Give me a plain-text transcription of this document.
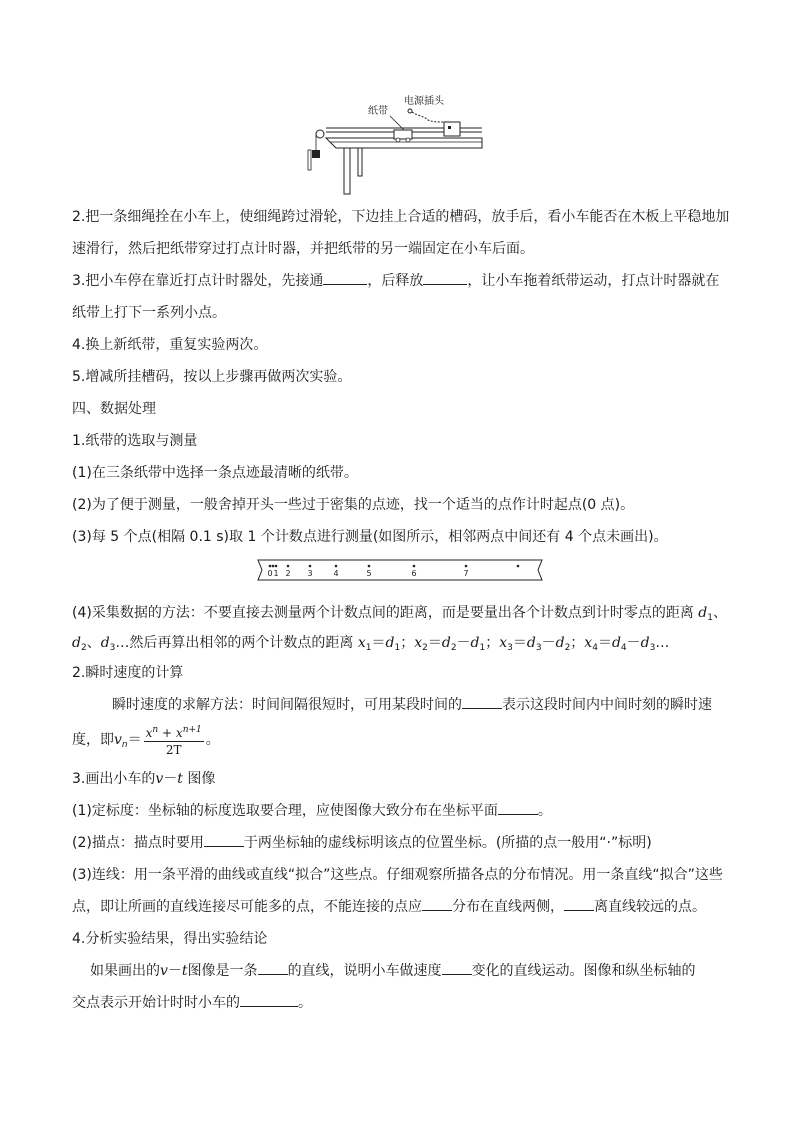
纸带
电源插头
2.把一条细绳拴在小车上，使细绳跨过滑轮，下边挂上合适的槽码，放手后，看小车能否在木板上平稳地加
速滑行，然后把纸带穿过打点计时器，并把纸带的另一端固定在小车后面。
3.把小车停在靠近打点计时器处，先接通	，后释放	，让小车拖着纸带运动，打点计时器就在
纸带上打下一系列小点。
4.换上新纸带，重复实验两次。
5.增减所挂槽码，按以上步骤再做两次实验。
四、数据处理
1.纸带的选取与测量
(1)在三条纸带中选择一条点迹最清晰的纸带。
(2)为了便于测量，一般舍掉开头一些过于密集的点迹，找一个适当的点作计时起点(0 点)。
(3)每 5 个点(相隔 0.1 s)取 1 个计数点进行测量(如图所示，相邻两点中间还有 4 个点未画出)。
0 1 2 3	4	5	6	7
(4)采集数据的方法：不要直接去测量两个计数点间的距离，而是要量出各个计数点到计时零点的距离 $d_1$、
$d_2$、$d_3\dots$然后再算出相邻的两个计数点的距离 $x_1=d_1$；$x_2=d_2-d_1$；$x_3=d_3-d_2$；$x_4=d_4-d_3\dots$
2.瞬时速度的计算
瞬时速度的求解方法：时间间隔很短时，可用某段时间的	表示这段时间内中间时刻的瞬时速
度，即$v_n= \frac{x^n + x^{n+1}}{2T}$ 。
3.画出小车的v－t 图像
(1)定标度：坐标轴的标度选取要合理，应使图像大致分布在坐标平面	。
(2)描点：描点时要用	于两坐标轴的虚线标明该点的位置坐标。(所描的点一般用“·”标明)
(3)连线：用一条平滑的曲线或直线“拟合”这些点。仔细观察所描各点的分布情况。用一条直线“拟合”这些
点，即让所画的直线连接尽可能多的点，不能连接的点应 分布在直线两侧， 离直线较远的点。
4.分析实验结果，得出实验结论
如果画出的v－t图像是一条 的直线，说明小车做速度 变化的直线运动。图像和纵坐标轴的
交点表示开始计时时小车的	。
